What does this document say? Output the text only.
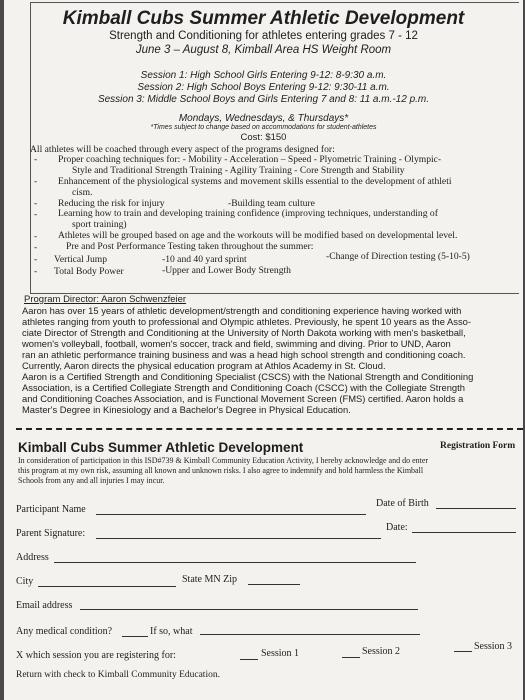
Kimball Cubs Summer Athletic Development
Strength and Conditioning for athletes entering grades 7 - 12
June 3 – August 8, Kimball Area HS Weight Room
Session 1: High School Girls Entering 9-12: 8-9:30 a.m.
Session 2: High School Boys Entering 9-12: 9:30-11 a.m.
Session 3: Middle School Boys and Girls Entering 7 and 8: 11 a.m.-12 p.m.
Mondays, Wednesdays, & Thursdays*
*Times subject to change based on accommodations for student-athletes
Cost: $150
All athletes will be coached through every aspect of the programs designed for:
- Proper coaching techniques for: - Mobility - Acceleration – Speed - Plyometric Training - Olympic-
Style and Traditional Strength Training - Agility Training - Core Strength and Stability
- Enhancement of the physiological systems and movement skills essential to the development of athleti
cism.
- Reducing the risk for injury	-Building team culture
- Learning how to train and developing training confidence (improving techniques, understanding of
sport training)
- Athletes will be grouped based on age and the workouts will be modified based on developmental level.
-	Pre and Post Performance Testing taken throughout the summer:
- Vertical Jump	-10 and 40 yard sprint	-Change of Direction testing (5-10-5)
- Total Body Power	-Upper and Lower Body Strength
Program Director: Aaron Schwenzfeier
Aaron has over 15 years of athletic development/strength and conditioning experience having worked with
athletes ranging from youth to professional and Olympic athletes. Previously, he spent 10 years as the Asso-
ciate Director of Strength and Conditioning at the University of North Dakota working with men's basketball,
women's volleyball, football, women's soccer, track and field, swimming and diving. Prior to UND, Aaron
ran an athletic performance training business and was a head high school strength and conditioning coach.
Currently, Aaron directs the physical education program at Athlos Academy in St. Cloud.
Aaron is a Certified Strength and Conditioning Specialist (CSCS) with the National Strength and Conditioning
Association, is a Certified Collegiate Strength and Conditioning Coach (CSCC) with the Collegiate Strength
and Conditioning Coaches Association, and is Functional Movement Screen (FMS) certified. Aaron holds a
Master's Degree in Kinesiology and a Bachelor's Degree in Physical Education.
Kimball Cubs Summer Athletic Development	Registration Form
In consideration of participation in this ISD#739 & Kimball Community Education Activity, I hereby acknowledge and do enter
this program at my own risk, assuming all known and unknown risks. I also agree to indemnify and hold harmless the Kimball
Schools from any and all injuries I may incur.
Participant Name
Date of Birth
Parent Signature:
Date:
Address
City	State MN Zip
Email address
Any medical condition?	If so, what
X which session you are registering for:	Session 1	Session 2	Session 3
Return with check to Kimball Community Education.
